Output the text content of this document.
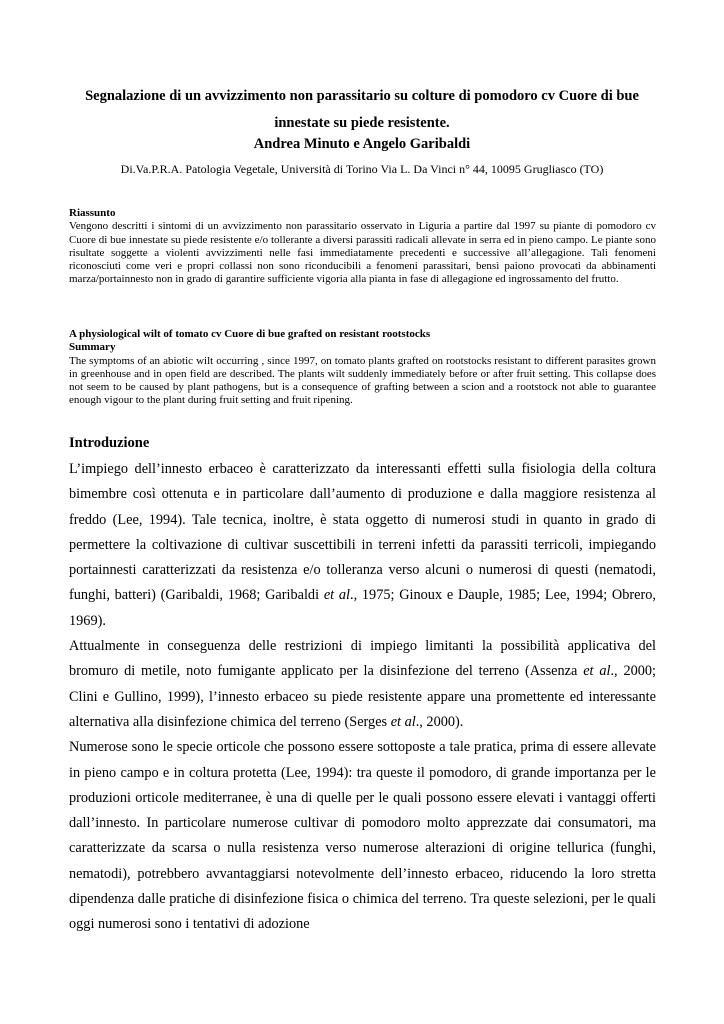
Segnalazione di un avvizzimento non parassitario su colture di pomodoro cv Cuore di bue
innestate su piede resistente.
Andrea Minuto e Angelo Garibaldi
Di.Va.P.R.A. Patologia Vegetale, Università di Torino Via L. Da Vinci n° 44, 10095 Grugliasco (TO)
Riassunto

Vengono descritti i sintomi di un avvizzimento non parassitario osservato in Liguria a partire dal 1997 su piante di pomodoro cv Cuore di bue innestate su piede resistente e/o tollerante a diversi parassiti radicali allevate in serra ed in pieno campo. Le piante sono risultate soggette a violenti avvizzimenti nelle fasi immediatamente precedenti e successive all’allegagione. Tali fenomeni riconosciuti come veri e propri collassi non sono riconducibili a fenomeni parassitari, bensì paiono provocati da abbinamenti marza/portainnesto non in grado di garantire sufficiente vigoria alla pianta in fase di allegagione ed ingrossamento del frutto.

A physiological wilt of tomato cv Cuore di bue grafted on resistant rootstocks
Summary

The symptoms of an abiotic wilt occurring , since 1997, on tomato plants grafted on rootstocks resistant to different parasites grown in greenhouse and in open field are described. The plants wilt suddenly immediately before or after fruit setting. This collapse does not seem to be caused by plant pathogens, but is a consequence of grafting between a scion and a rootstock not able to guarantee enough vigour to the plant during fruit setting and fruit ripening.

Introduzione

L’impiego dell’innesto erbaceo è caratterizzato da interessanti effetti sulla fisiologia della coltura bimembre così ottenuta e in particolare dall’aumento di produzione e dalla maggiore resistenza al freddo (Lee, 1994). Tale tecnica, inoltre, è stata oggetto di numerosi studi in quanto in grado di permettere la coltivazione di cultivar suscettibili in terreni infetti da parassiti terricoli, impiegando portainnesti caratterizzati da resistenza e/o tolleranza verso alcuni o numerosi di questi (nematodi, funghi, batteri) (Garibaldi, 1968; Garibaldi et al., 1975; Ginoux e Dauple, 1985; Lee, 1994; Obrero, 1969).

Attualmente in conseguenza delle restrizioni di impiego limitanti la possibilità applicativa del bromuro di metile, noto fumigante applicato per la disinfezione del terreno (Assenza et al., 2000; Clini e Gullino, 1999), l’innesto erbaceo su piede resistente appare una promettente ed interessante alternativa alla disinfezione chimica del terreno (Serges et al., 2000).

Numerose sono le specie orticole che possono essere sottoposte a tale pratica, prima di essere allevate in pieno campo e in coltura protetta (Lee, 1994): tra queste il pomodoro, di grande importanza per le produzioni orticole mediterranee, è una di quelle per le quali possono essere elevati i vantaggi offerti dall’innesto. In particolare numerose cultivar di pomodoro molto apprezzate dai consumatori, ma caratterizzate da scarsa o nulla resistenza verso numerose alterazioni di origine tellurica (funghi, nematodi), potrebbero avvantaggiarsi notevolmente dell’innesto erbaceo, riducendo la loro stretta dipendenza dalle pratiche di disinfezione fisica o chimica del terreno. Tra queste selezioni, per le quali oggi numerosi sono i tentativi di adozione
